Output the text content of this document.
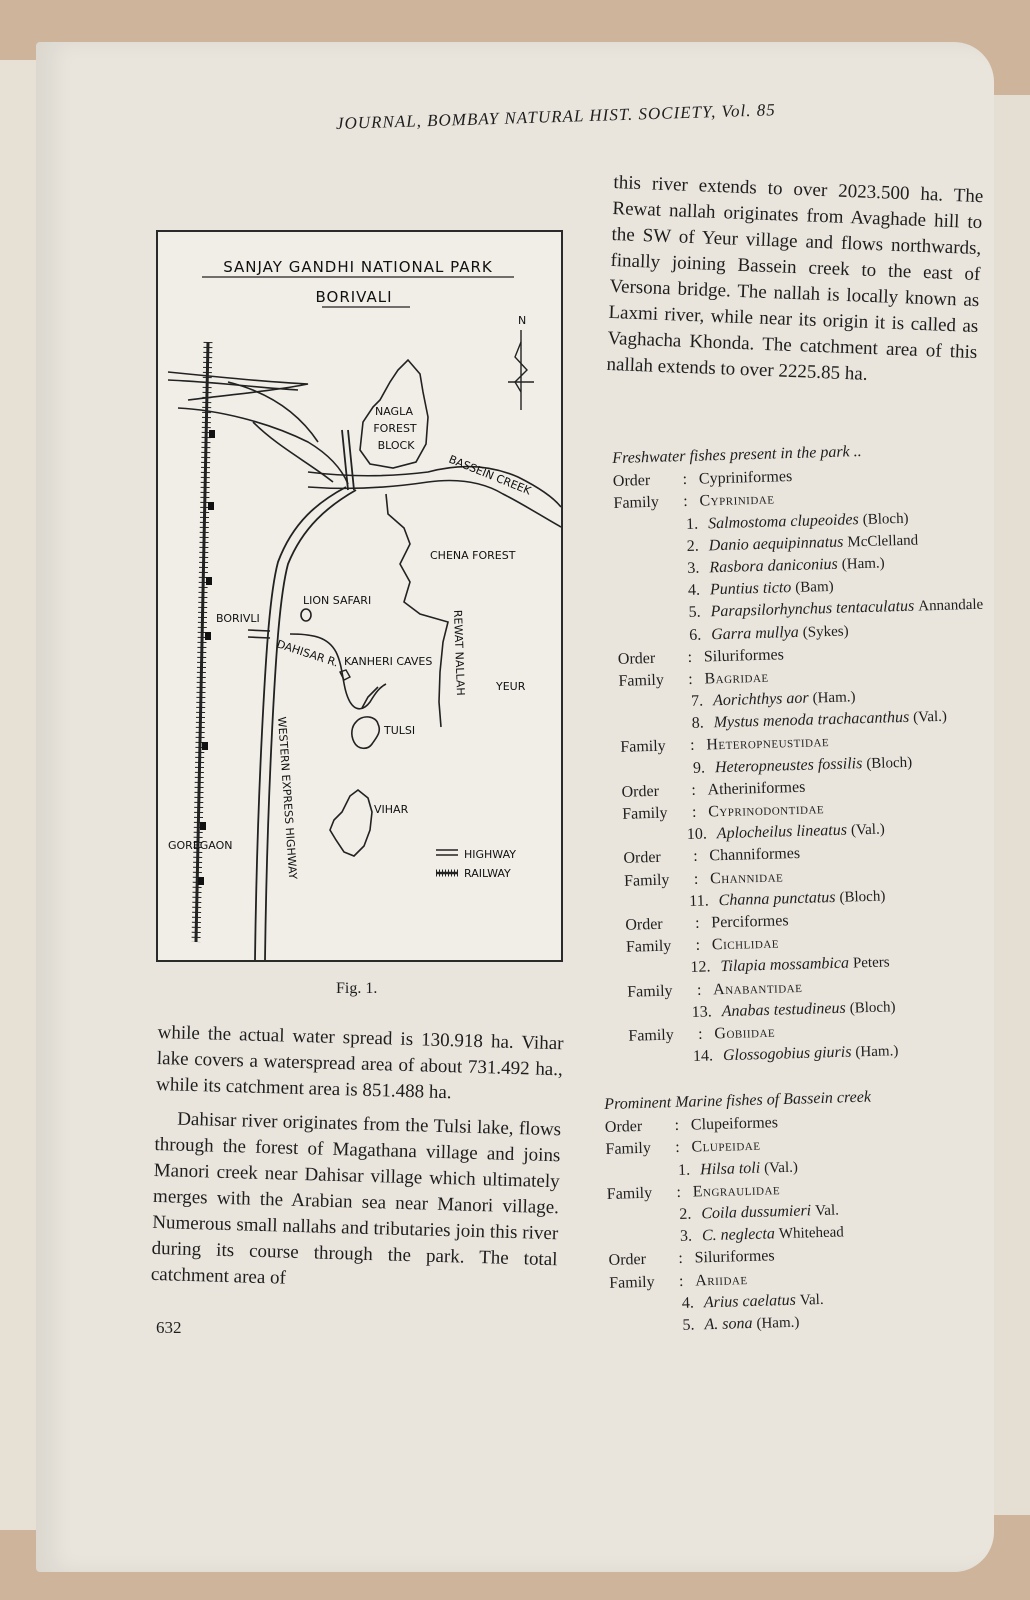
JOURNAL, BOMBAY NATURAL HIST. SOCIETY, Vol. 85
SANJAY GANDHI NATIONAL PARK
BORIVALI
N
NAGLA
FOREST
BLOCK
BASSEIN CREEK
WESTERN EXPRESS HIGHWAY
CHENA FOREST
LION SAFARI
BORIVLI
DAHISAR R. KANHERI CAVES REWAT NALLAH	YEUR
TULSI
VIHAR
GOREGAON
HIGHWAY
RAILWAY
Fig. 1.

while the actual water spread is 130.918 ha. Vihar lake covers a waterspread area of about 731.492 ha., while its catchment area is 851.488 ha.

Dahisar river originates from the Tulsi lake, flows through the forest of Magathana village and joins Manori creek near Dahisar village which ultimately merges with the Arabian sea near Manori village. Numerous small nallahs and tributaries join this river during its course through the park. The total catchment area of

632

this river extends to over 2023.500 ha. The Rewat nallah originates from Avaghade hill to the SW of Yeur village and flows northwards, finally joining Bassein creek to the east of Versona bridge. The nallah is locally known as Laxmi river, while near its origin it is called as Vaghacha Khonda. The catchment area of this nallah extends to over 2225.85 ha.

Freshwater fishes present in the park ..
Order : Cypriniformes
Family : Cyprinidae
1. Salmostoma clupeoides (Bloch)
2. Danio aequipinnatus McClelland
3. Rasbora daniconius (Ham.)
4. Puntius ticto (Bam)
5. Parapsilorhynchus tentaculatus Annandale
6. Garra mullya (Sykes)
Order : Siluriformes
Family : Bagridae
7. Aorichthys aor (Ham.)
8. Mystus menoda trachacanthus (Val.)
Family : Heteropneustidae
9. Heteropneustes fossilis (Bloch)
Order : Atheriniformes
Family : Cyprinodontidae
10. Aplocheilus lineatus (Val.)
Order : Channiformes
Family : Channidae
11. Channa punctatus (Bloch)
Order : Perciformes
Family : Cichlidae
12. Tilapia mossambica Peters
Family : Anabantidae
13. Anabas testudineus (Bloch)
Family : Gobiidae
14. Glossogobius giuris (Ham.)
Prominent Marine fishes of Bassein creek
Order : Clupeiformes
Family : Clupeidae
1. Hilsa toli (Val.)
Family : Engraulidae
2. Coila dussumieri Val.
3. C. neglecta Whitehead
Order : Siluriformes
Family : Ariidae
4. Arius caelatus Val.
5. A. sona (Ham.)
